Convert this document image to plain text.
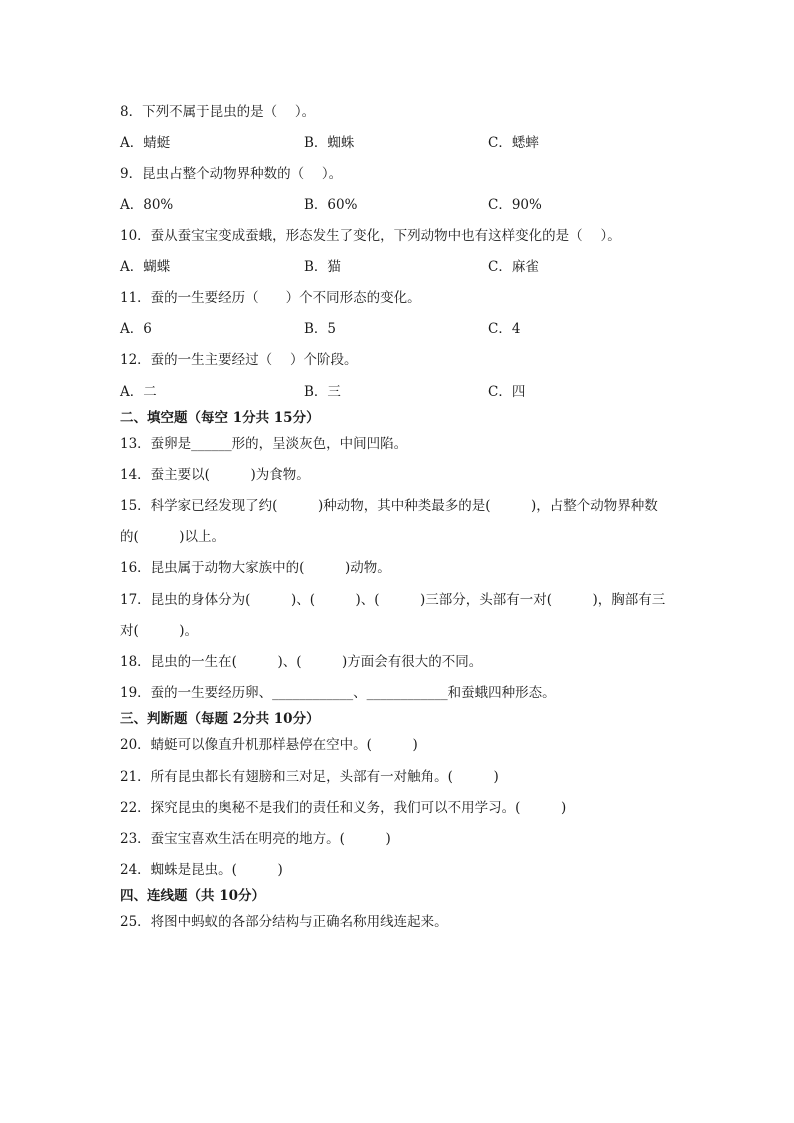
8．下列不属于昆虫的是（　 ）。
A．蜻蜓	B．蜘蛛	C．蟋蟀
9．昆虫占整个动物界种数的（　 ）。
A．80%	B．60%	C．90%
10．蚕从蚕宝宝变成蚕蛾，形态发生了变化，下列动物中也有这样变化的是（　 ）。
A．蝴蝶	B．猫	C．麻雀
11．蚕的一生要经历（　　）个不同形态的变化。
A．6	B．5	C．4
12．蚕的一生主要经过（　 ）个阶段。
A．二	B．三	C．四
二、填空题（每空 1分共 15分）
13．蚕卵是______形的，呈淡灰色，中间凹陷。
14．蚕主要以(　　　)为食物。
15．科学家已经发现了约(　　　)种动物，其中种类最多的是(　　　)，占整个动物界种数
的(　　　)以上。
16．昆虫属于动物大家族中的(　　　)动物。
17．昆虫的身体分为(　　　)、(　　　)、(　　　)三部分，头部有一对(　　　)，胸部有三
对(　　　)。
18．昆虫的一生在(　　　)、(　　　)方面会有很大的不同。
19．蚕的一生要经历卵、____________、____________和蚕蛾四种形态。
三、判断题（每题 2分共 10分）
20．蜻蜓可以像直升机那样悬停在空中。(　　　)
21．所有昆虫都长有翅膀和三对足，头部有一对触角。(　　　)
22．探究昆虫的奥秘不是我们的责任和义务，我们可以不用学习。(　　　)
23．蚕宝宝喜欢生活在明亮的地方。(　　　)
24．蜘蛛是昆虫。(　　　)
四、连线题（共 10分）
25．将图中蚂蚁的各部分结构与正确名称用线连起来。
